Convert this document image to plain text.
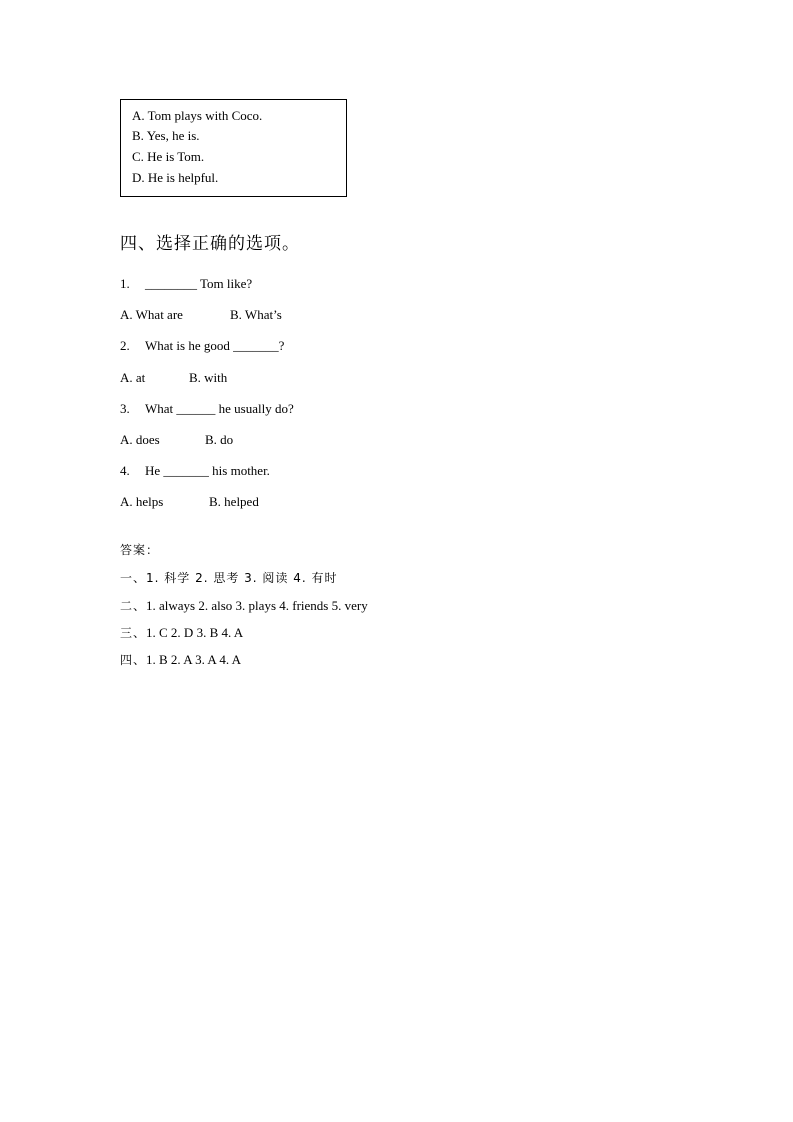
A. Tom plays with Coco.
B. Yes, he is.
C. He is Tom.
D. He is helpful.
四、选择正确的选项。
1. ________ Tom like?
A. What are	B. What’s
2. What is he good _______?
A. at	B. with
3. What ______ he usually do?
A. does	B. do
4. He _______ his mother.
A. helps	B. helped
答案：
一、1. 科学 2. 思考 3. 阅读 4. 有时
二、1. always 2. also 3. plays 4. friends 5. very
三、1. C 2. D 3. B 4. A
四、1. B 2. A 3. A 4. A
